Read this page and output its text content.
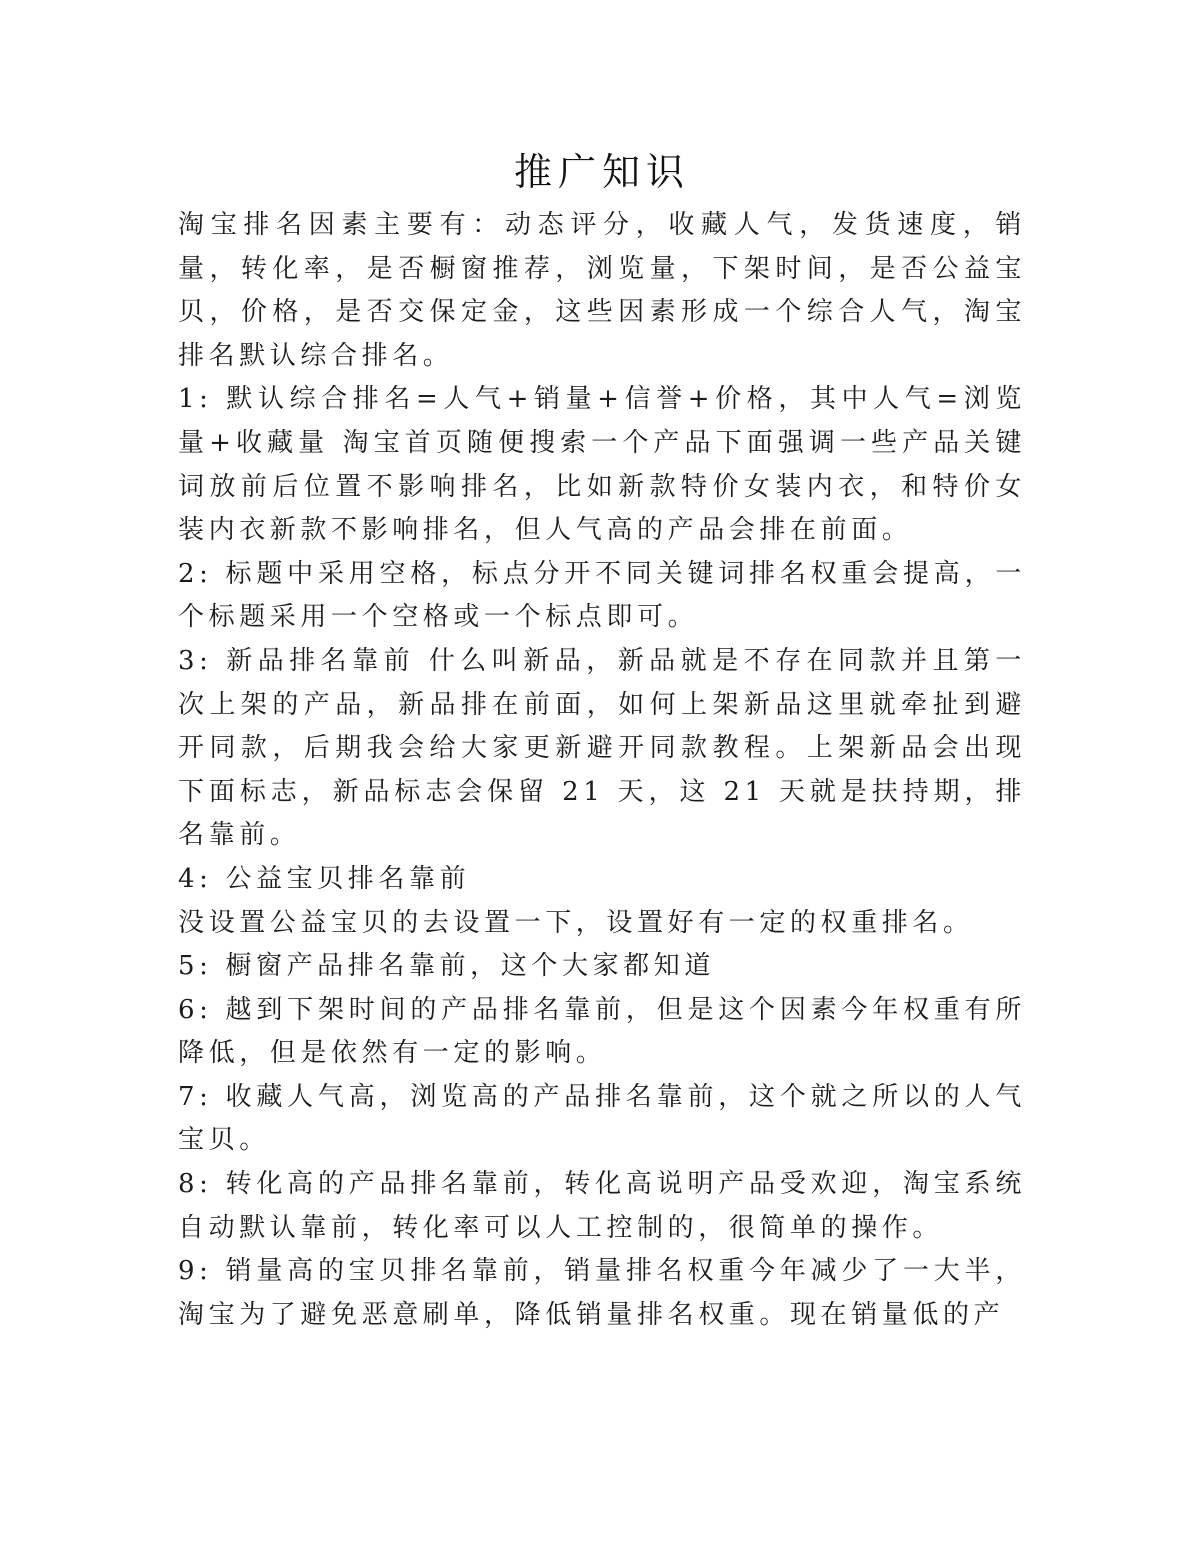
推广知识

淘宝排名因素主要有：动态评分，收藏人气，发货速度，销量，转化率，是否橱窗推荐，浏览量，下架时间，是否公益宝贝，价格，是否交保定金，这些因素形成一个综合人气，淘宝排名默认综合排名。

1: 默认综合排名=人气+销量+信誉+价格，其中人气=浏览量+收藏量 淘宝首页随便搜索一个产品下面强调一些产品关键词放前后位置不影响排名，比如新款特价女装内衣，和特价女装内衣新款不影响排名，但人气高的产品会排在前面。

2: 标题中采用空格，标点分开不同关键词排名权重会提高，一个标题采用一个空格或一个标点即可。

3: 新品排名靠前 什么叫新品，新品就是不存在同款并且第一次上架的产品，新品排在前面，如何上架新品这里就牵扯到避开同款，后期我会给大家更新避开同款教程。上架新品会出现下面标志，新品标志会保留 21 天，这 21 天就是扶持期，排名靠前。

4: 公益宝贝排名靠前

没设置公益宝贝的去设置一下，设置好有一定的权重排名。

5: 橱窗产品排名靠前，这个大家都知道

6: 越到下架时间的产品排名靠前，但是这个因素今年权重有所降低，但是依然有一定的影响。

7: 收藏人气高，浏览高的产品排名靠前，这个就之所以的人气宝贝。

8: 转化高的产品排名靠前，转化高说明产品受欢迎，淘宝系统自动默认靠前，转化率可以人工控制的，很简单的操作。

9: 销量高的宝贝排名靠前，销量排名权重今年减少了一大半，淘宝为了避免恶意刷单，降低销量排名权重。现在销量低的产
